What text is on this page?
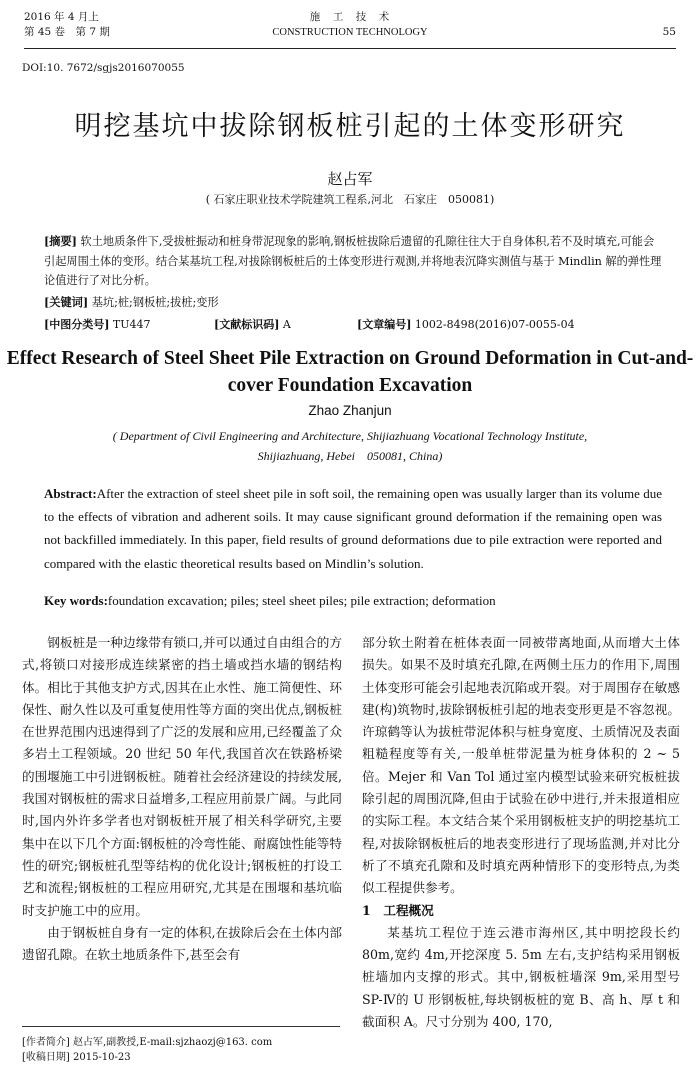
2016 年 4 月上
第 45 卷　第 7 期
施　工　技　术
CONSTRUCTION TECHNOLOGY	55
DOI:10. 7672/sgjs2016070055
明挖基坑中拔除钢板桩引起的土体变形研究
赵占军
( 石家庄职业技术学院建筑工程系,河北　石家庄　050081)
[摘要] 软土地质条件下,受拔桩振动和桩身带泥现象的影响,钢板桩拔除后遗留的孔隙往往大于自身体积,若不及时填充,可能会引起周围土体的变形。结合某基坑工程,对拔除钢板桩后的土体变形进行观测,并将地表沉降实测值与基于 Mindlin 解的弹性理论值进行了对比分析。
[关键词] 基坑;桩;钢板桩;拔桩;变形
[中图分类号] TU447	[文献标识码] A	[文章编号] 1002-8498(2016)07-0055-04
Effect Research of Steel Sheet Pile Extraction on Ground Deformation in Cut-and-cover Foundation Excavation
Zhao Zhanjun
( Department of Civil Engineering and Architecture, Shijiazhuang Vocational Technology Institute, Shijiazhuang, Hebei　050081, China)
Abstract:After the extraction of steel sheet pile in soft soil, the remaining open was usually larger than its volume due to the effects of vibration and adherent soils. It may cause significant ground deformation if the remaining open was not backfilled immediately. In this paper, field results of ground deformations due to pile extraction were reported and compared with the elastic theoretical results based on Mindlin’s solution.
Key words:foundation excavation; piles; steel sheet piles; pile extraction; deformation

钢板桩是一种边缘带有锁口,并可以通过自由组合的方式,将锁口对接形成连续紧密的挡土墙或挡水墙的钢结构体。相比于其他支护方式,因其在止水性、施工简便性、环保性、耐久性以及可重复使用性等方面的突出优点,钢板桩在世界范围内迅速得到了广泛的发展和应用,已经覆盖了众多岩土工程领域。20 世纪 50 年代,我国首次在铁路桥梁的围堰施工中引进钢板桩。随着社会经济建设的持续发展,我国对钢板桩的需求日益增多,工程应用前景广阔。与此同时,国内外许多学者也对钢板桩开展了相关科学研究,主要集中在以下几个方面:钢板桩的冷弯性能、耐腐蚀性能等特性的研究;钢板桩孔型等结构的优化设计;钢板桩的打设工艺和流程;钢板桩的工程应用研究,尤其是在围堰和基坑临时支护施工中的应用。

由于钢板桩自身有一定的体积,在拔除后会在土体内部遗留孔隙。在软土地质条件下,甚至会有

部分软土附着在桩体表面一同被带离地面,从而增大土体损失。如果不及时填充孔隙,在两侧土压力的作用下,周围土体变形可能会引起地表沉陷或开裂。对于周围存在敏感建(构)筑物时,拔除钢板桩引起的地表变形更是不容忽视。许琼鹤等认为拔桩带泥体积与桩身宽度、土质情况及表面粗糙程度等有关,一般单桩带泥量为桩身体积的 2 ~ 5 倍。Mejer 和 Van Tol 通过室内模型试验来研究板桩拔除引起的周围沉降,但由于试验在砂中进行,并未报道相应的实际工程。本文结合某个采用钢板桩支护的明挖基坑工程,对拔除钢板桩后的地表变形进行了现场监测,并对比分析了不填充孔隙和及时填充两种情形下的变形特点,为类似工程提供参考。

1　工程概况

某基坑工程位于连云港市海州区,其中明挖段长约 80m,宽约 4m,开挖深度 5. 5m 左右,支护结构采用钢板桩墙加内支撑的形式。其中,钢板桩墙深 9m,采用型号 SP-Ⅳ的 U 形钢板桩,每块钢板桩的宽 B、高 h、厚 t 和截面积 A。尺寸分别为 400, 170,

[作者简介] 赵占军,副教授,E-mail:sjzhaozj@163. com
[收稿日期] 2015-10-23
